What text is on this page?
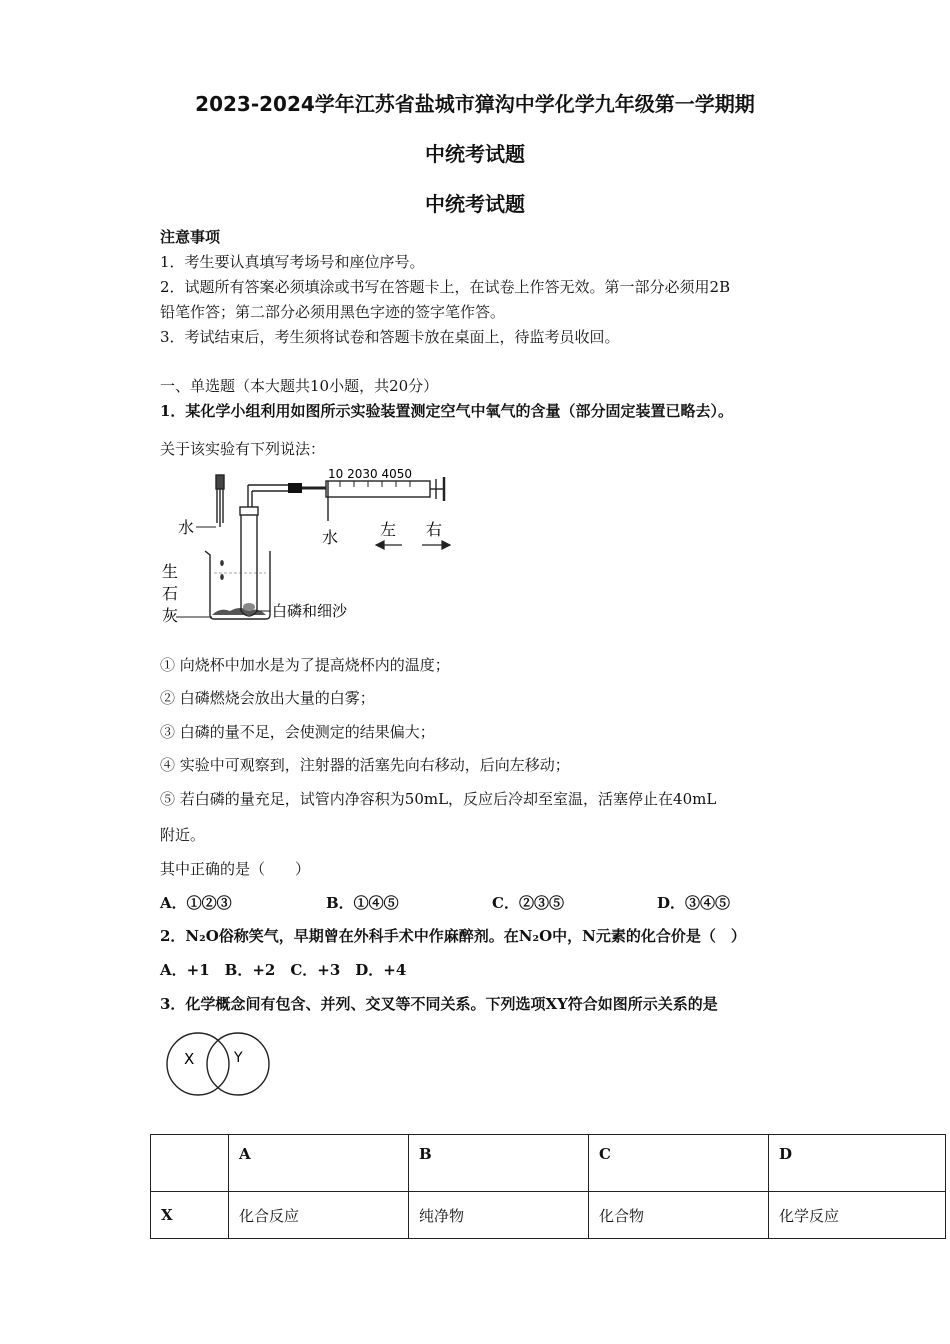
2023-2024学年江苏省盐城市獐沟中学化学九年级第一学期期
中统考试题
中统考试题
注意事项
1．考生要认真填写考场号和座位序号。
2．试题所有答案必须填涂或书写在答题卡上，在试卷上作答无效。第一部分必须用2B
铅笔作答；第二部分必须用黑色字迹的签字笔作答。
3．考试结束后，考生须将试卷和答题卡放在桌面上，待监考员收回。
一、单选题（本大题共10小题，共20分）
1．某化学小组利用如图所示实验装置测定空气中氧气的含量（部分固定装置已略去）。
关于该实验有下列说法：
水
生
石
灰	白磷和细沙
10 2030 4050
水	左 右
① 向烧杯中加水是为了提高烧杯内的温度；
② 白磷燃烧会放出大量的白雾；
③ 白磷的量不足，会使测定的结果偏大；
④ 实验中可观察到，注射器的活塞先向右移动，后向左移动；
⑤ 若白磷的量充足，试管内净容积为50mL，反应后冷却至室温，活塞停止在40mL
附近。
其中正确的是（　　）
A．①②③	B．①④⑤	C．②③⑤	D．③④⑤
2．N₂O俗称笑气，早期曾在外科手术中作麻醉剂。在N₂O中，N元素的化合价是（　）
A．+1　B．+2　C．+3　D．+4
3．化学概念间有包含、并列、交叉等不同关系。下列选项XY符合如图所示关系的是
X	Y
	A	B	C	D
X	化合反应	纯净物	化合物	化学反应
